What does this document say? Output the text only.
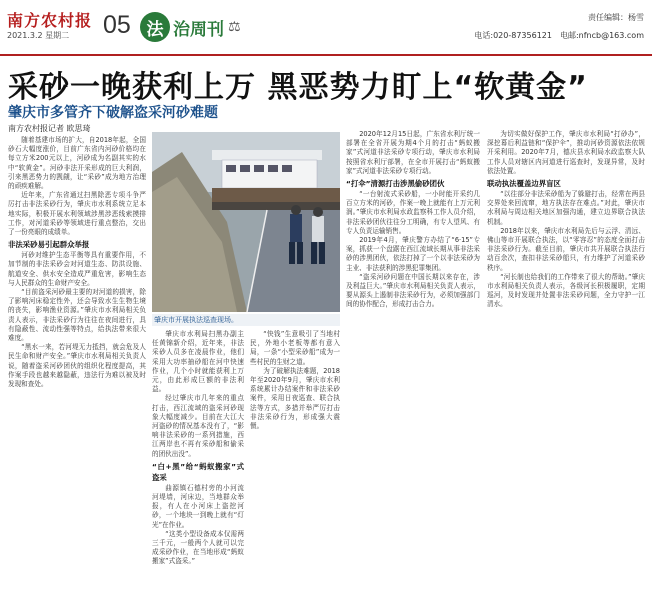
南方农村报
2021.3.2 星期二 05 法 治周刊 ⚖
责任编辑：杨雪
电话:020-87356121 电邮:nfncb@163.com
采砂一晚获利上万 黑恶势力盯上“软黄金”
肇庆市多管齐下破解盗采河砂难题
南方农村报记者 欧思琦

随着基建市场的扩大，自2018年起，全国砂石大幅度涨价，目前广东省内河砂价格均在每立方米200元以上，河砂成为名副其实的水中“软黄金”。河砂非法开采形成的巨大利润，引来黑恶势力的觊觎，让“采砂”成为地方治理的顽疾难解。

近年来，广东省通过扫黑除恶专项斗争严厉打击非法采砂行为，肇庆市水利系统立足本地实际，积极开展水利领域涉黑涉恶线索摸排工作，对河道采砂等领域进行重点整治，交出了一份亮眼的成绩单。

非法采砂易引起群众举报

河砂对维护生态平衡等具有重要作用，不加节制的非法采砂会对河道生态、防洪设施、航道安全、供水安全造成严重危害，影响生态与人民群众的生命财产安全。

“目前盗采河砂最主要的对河道的损害，除了影响河床稳定性外，还会导致水生生物生境的丧失，影响渔业资源。”肇庆市水利局相关负责人表示，非法采砂行为往往在夜间进行，具有隐蔽性、流动性强等特点，给执法带来很大难度。

“黑水一来，若河堤无力抵挡，就会危及人民生命和财产安全。”肇庆市水利局相关负责人说，随着盗采河砂团伙的组织化程度提高，其作案手段也越来越隐蔽，违法行为难以被及时发现和查处。

肇庆市开展执法巡查现场。

肇庆市水利局扫黑办副主任黄锦新介绍，近年来，非法采砂人员多在凌晨作业，他们采用大功率抽砂船在河中快速作业，几个小时就能获利上万元，由此形成巨额的非法利益。

经过肇庆市几年来的重点打击，西江流域的盗采河砂现象大幅度减少。目前在大江大河盗砂的情况基本没有了，“影响非法采砂的一系列措施，西江两岸也不再有采砂船和偷采的团伙出没”。

“白+黑”给“蚂蚁搬家”式盗采

曲源镇石德村旁的小河流河堤墙，河床边，当地群众举报，有人在小河床上盗挖河砂，一个地块一到晚上就有“灯光”在作业。

“这类小型设备成本仅需两三千元，一般两个人就可以完成采砂作业，在当地形成“蚂蚁搬家”式盗采。”

“快钱”生意吸引了当地村民，外地小老板等都有意入局，一条“小型采砂船”成为一些村民的生财之道。

为了破解执法难题，2018年至2020年9月，肇庆市水利系统累计办结案件和非法采砂案件，采用日夜巡查、联合执法等方式，多措并举严厉打击非法采砂行为，形成强大震慑。

2020年12月15日起，广东省水利厅统一部署在全省开展为期4个月的打击“蚂蚁搬家”式河道非法采砂专项行动，肇庆市水利局按照省水利厅部署，在全市开展打击“蚂蚁搬家”式河道非法采砂专项行动。

“打伞”清源打击涉黑偷砂团伙

“一台射流式采砂船，一小时能开采约几百立方米的河砂，作案一晚上就能有上万元利润。”肇庆市水利局水政监察科工作人员介绍，非法采砂团伙往往分工明确，有专人望风、有专人负责运输销售。

2019年4月，肇庆警方办结了“6·15”专案，抓获一个盘踞在西江流域长期从事非法采砂的涉黑团伙，依法打掉了一个以非法采砂为主业、非法获利的涉黑犯罪集团。

“盗采河砂问题在中国长期以来存在，涉及利益巨大。”肇庆市水利局相关负责人表示，要从源头上遏制非法采砂行为，必须加强部门间的协作配合，形成打击合力。

为切实做好保护工作，肇庆市水利局“打砂办”，深挖幕后利益链和“保护伞”，推动河砂资源依法依规开采利用。2020年7月，德庆县水利局水政监察大队工作人员对辖区内河道进行巡查时，发现异常，及时依法处置。

联动执法覆盖边界盲区

“以往部分非法采砂船为了躲避打击，经常在两县交界处来回流窜，地方执法存在难点。”对此，肇庆市水利局与周边相关地区加强沟通，建立边界联合执法机制。

2018年以来，肇庆市水利局先后与云浮、清远、佛山等市开展联合执法，以“零容忍”的态度全面打击非法采砂行为。截至目前，肇庆市共开展联合执法行动百余次，查扣非法采砂船只，有力维护了河道采砂秩序。

“河长制也给我们的工作带来了很大的帮助。”肇庆市水利局相关负责人表示，各级河长积极履职，定期巡河，及时发现并处置非法采砂问题，全力守护一江清水。
